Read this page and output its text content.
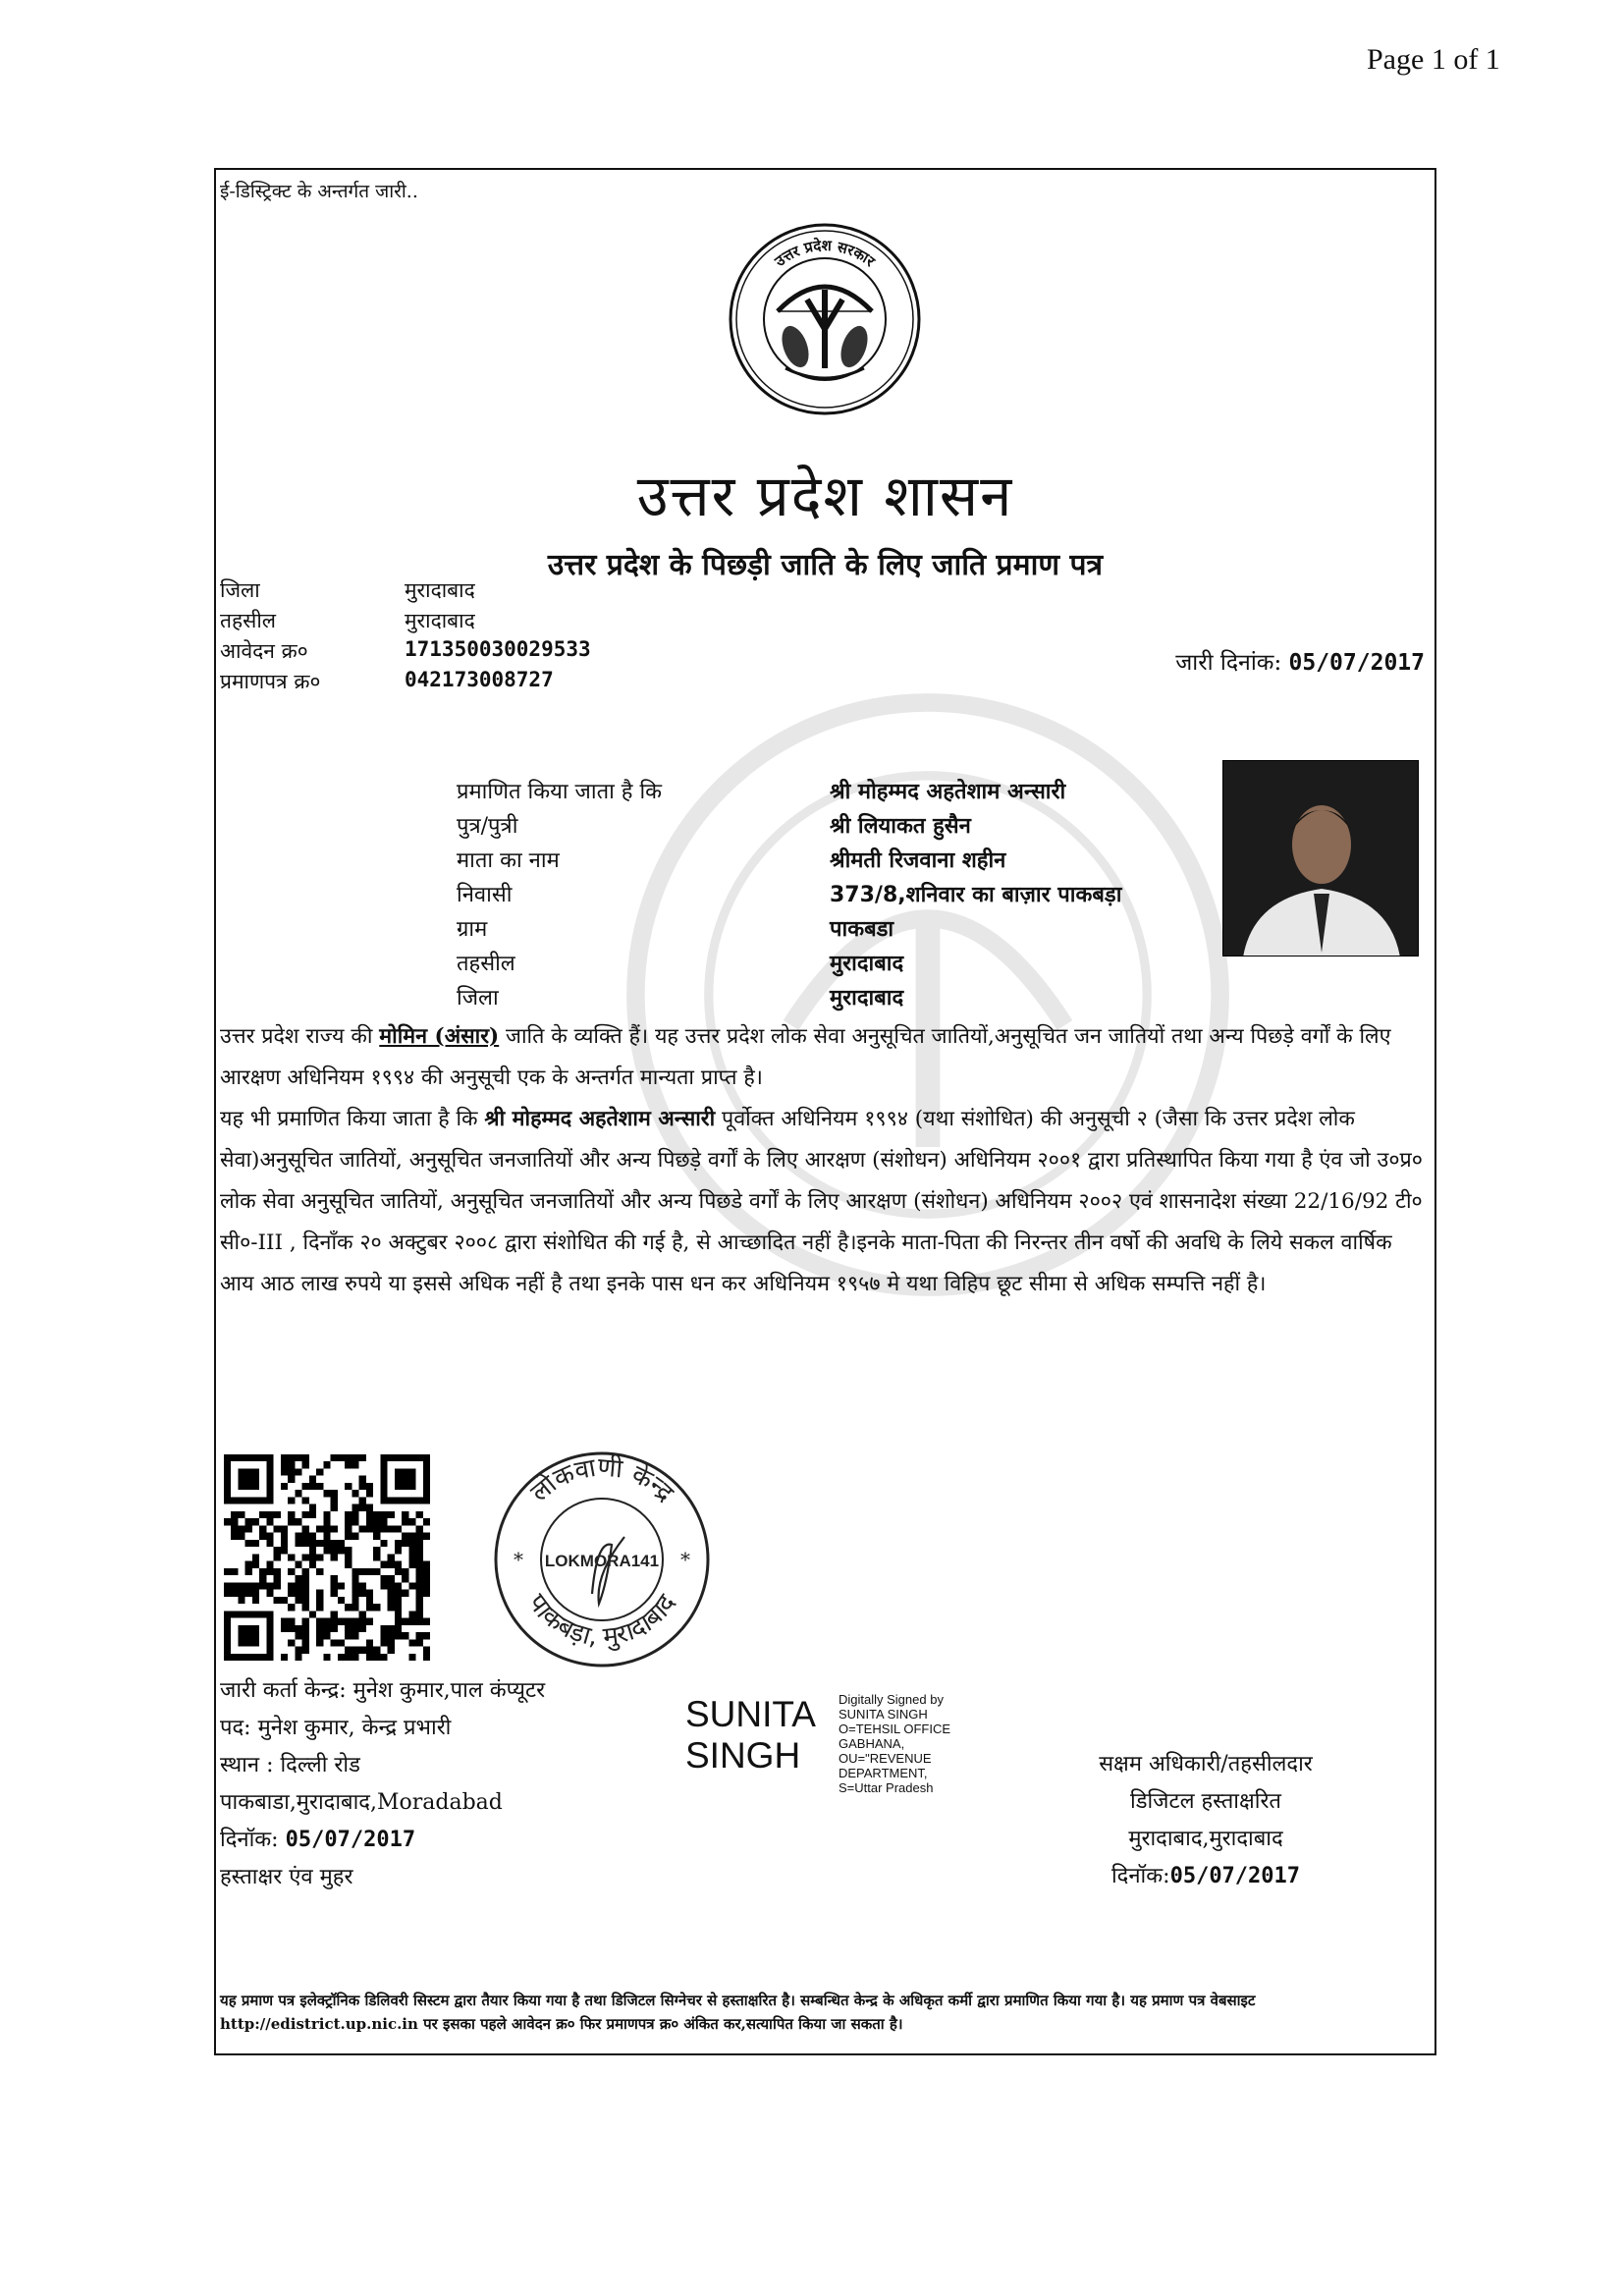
Page 1 of 1
ई-डिस्ट्रिक्ट के अन्तर्गत जारी..
उत्तर प्रदेश सरकार
उत्तर प्रदेश शासन
उत्तर प्रदेश के पिछड़ी जाति के लिए जाति प्रमाण पत्र
जिला	मुरादाबाद
तहसील	मुरादाबाद
आवेदन क्र०	171350030029533
प्रमाणपत्र क्र०	042173008727
जारी दिनांक: 05/07/2017
प्रमाणित किया जाता है कि	श्री मोहम्मद अहतेशाम अन्सारी
पुत्र/पुत्री	श्री लियाकत हुसैन
माता का नाम	श्रीमती रिजवाना शहीन
निवासी	373/8,शनिवार का बाज़ार पाकबड़ा
ग्राम	पाकबडा
तहसील	मुरादाबाद
जिला	मुरादाबाद

उत्तर प्रदेश राज्य की मोमिन (अंसार) जाति के व्यक्ति हैं। यह उत्तर प्रदेश लोक सेवा अनुसूचित जातियों,अनुसूचित जन जातियों तथा अन्य पिछड़े वर्गों के लिए आरक्षण अधिनियम १९९४ की अनुसूची एक के अन्तर्गत मान्यता प्राप्त है।

यह भी प्रमाणित किया जाता है कि श्री मोहम्मद अहतेशाम अन्सारी पूर्वोक्त अधिनियम १९९४ (यथा संशोधित) की अनुसूची २ (जैसा कि उत्तर प्रदेश लोक सेवा)अनुसूचित जातियों, अनुसूचित जनजातियों और अन्य पिछड़े वर्गों के लिए आरक्षण (संशोधन) अधिनियम २००१ द्वारा प्रतिस्थापित किया गया है एंव जो उ०प्र० लोक सेवा अनुसूचित जातियों, अनुसूचित जनजातियों और अन्य पिछडे वर्गों के लिए आरक्षण (संशोधन) अधिनियम २००२ एवं शासनादेश संख्या 22/16/92 टी० सी०-III , दिनाँक २० अक्टुबर २००८ द्वारा संशोधित की गई है, से आच्छादित नहीं है।इनके माता-पिता की निरन्तर तीन वर्षो की अवधि के लिये सकल वार्षिक आय आठ लाख रुपये या इससे अधिक नहीं है तथा इनके पास धन कर अधिनियम १९५७ मे यथा विहिप छूट सीमा से अधिक सम्पत्ति नहीं है।

लोकवाणी केन्द्र
पाकबड़ा, मुरादाबाद
LOKMORA141
*	*
जारी कर्ता केन्द्र: मुनेश कुमार,पाल कंप्यूटर
पद: मुनेश कुमार, केन्द्र प्रभारी
स्थान : दिल्ली रोड
पाकबाडा,मुरादाबाद,Moradabad
दिनॉक: 05/07/2017
हस्ताक्षर एंव मुहर
SUNITA
SINGH
Digitally Signed by
SUNITA SINGH
O=TEHSIL OFFICE
GABHANA,
OU="REVENUE
DEPARTMENT,
S=Uttar Pradesh
सक्षम अधिकारी/तहसीलदार
डिजिटल हस्ताक्षरित
मुरादाबाद,मुरादाबाद
दिनॉक:05/07/2017
यह प्रमाण पत्र इलेक्ट्रॉनिक डिलिवरी सिस्टम द्वारा तैयार किया गया है तथा डिजिटल सिग्नेचर से हस्ताक्षरित है। सम्बन्धित केन्द्र के अधिकृत कर्मी द्वारा प्रमाणित किया गया है। यह प्रमाण पत्र वेबसाइट http://edistrict.up.nic.in पर इसका पहले आवेदन क्र० फिर प्रमाणपत्र क्र० अंकित कर,सत्यापित किया जा सकता है।
